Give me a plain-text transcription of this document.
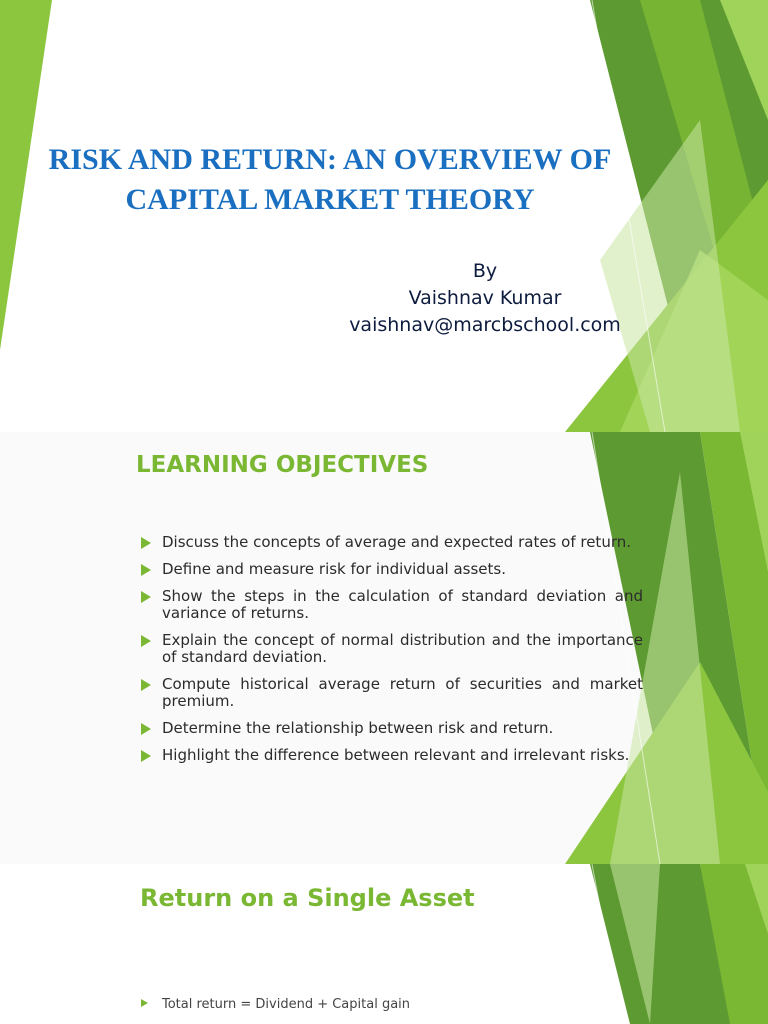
RISK AND RETURN: AN OVERVIEW OF CAPITAL MARKET THEORY
By
Vaishnav Kumar
vaishnav@marcbschool.com
LEARNING OBJECTIVES
Discuss the concepts of average and expected rates of return.
Define and measure risk for individual assets.
Show the steps in the calculation of standard deviation and variance of returns.
Explain the concept of normal distribution and the importance of standard deviation.
Compute historical average return of securities and market premium.
Determine the relationship between risk and return.
Highlight the difference between relevant and irrelevant risks.
Return on a Single Asset
Total return = Dividend + Capital gain
